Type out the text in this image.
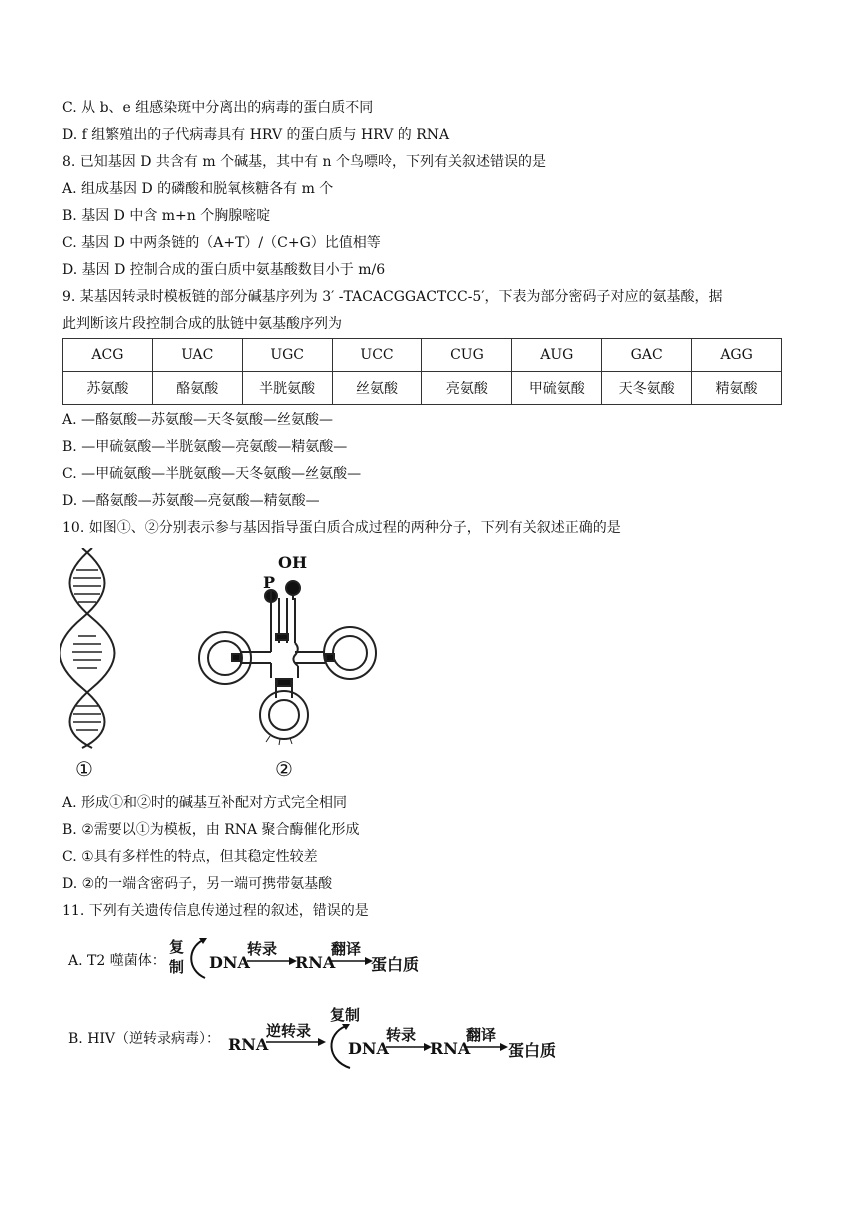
C. 从 b、e 组感染斑中分离出的病毒的蛋白质不同
D. f 组繁殖出的子代病毒具有 HRV 的蛋白质与 HRV 的 RNA
8. 已知基因 D 共含有 m 个碱基，其中有 n 个鸟嘌呤，下列有关叙述错误的是
A. 组成基因 D 的磷酸和脱氧核糖各有 m 个
B. 基因 D 中含 m+n 个胸腺嘧啶
C. 基因 D 中两条链的（A+T）/（C+G）比值相等
D. 基因 D 控制合成的蛋白质中氨基酸数目小于 m/6
9. 某基因转录时模板链的部分碱基序列为 3′ -TACACGGACTCC-5′，下表为部分密码子对应的氨基酸，据
此判断该片段控制合成的肽链中氨基酸序列为
ACG	UAC	UGC	UCC	CUG	AUG	GAC	AGG
苏氨酸	酪氨酸	半胱氨酸	丝氨酸	亮氨酸	甲硫氨酸	天冬氨酸	精氨酸
A. —酪氨酸—苏氨酸—天冬氨酸—丝氨酸—
B. —甲硫氨酸—半胱氨酸—亮氨酸—精氨酸—
C. —甲硫氨酸—半胱氨酸—天冬氨酸—丝氨酸—
D. —酪氨酸—苏氨酸—亮氨酸—精氨酸—
10. 如图①、②分别表示参与基因指导蛋白质合成过程的两种分子，下列有关叙述正确的是
①
P
OH
②
A. 形成①和②时的碱基互补配对方式完全相同
B. ②需要以①为模板，由 RNA 聚合酶催化形成
C. ①具有多样性的特点，但其稳定性较差
D. ②的一端含密码子，另一端可携带氨基酸
11. 下列有关遗传信息传递过程的叙述，错误的是
A. T2 噬菌体：
复
制 DNA
转录
RNA
翻译
蛋白质
B. HIV（逆转录病毒）： RNA
逆转录
复制
DNA
转录
RNA
翻译
蛋白质
